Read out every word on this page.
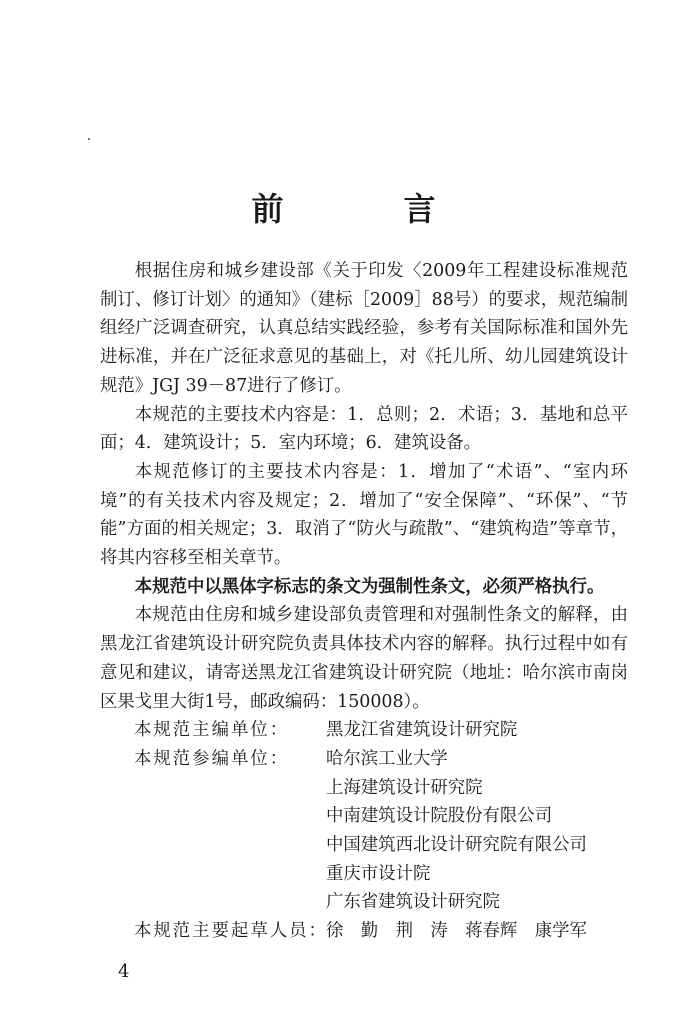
前　言

根据住房和城乡建设部《关于印发〈2009年工程建设标准规范制订、修订计划〉的通知》（建标［2009］88号）的要求，规范编制组经广泛调查研究，认真总结实践经验，参考有关国际标准和国外先进标准，并在广泛征求意见的基础上，对《托儿所、幼儿园建筑设计规范》JGJ 39－87进行了修订。

本规范的主要技术内容是：1．总则；2．术语；3．基地和总平面；4．建筑设计；5．室内环境；6．建筑设备。

本规范修订的主要技术内容是：1．增加了“术语”、“室内环境”的有关技术内容及规定；2．增加了“安全保障”、“环保”、“节能”方面的相关规定；3．取消了“防火与疏散”、“建筑构造”等章节，将其内容移至相关章节。

本规范中以黑体字标志的条文为强制性条文，必须严格执行。

本规范由住房和城乡建设部负责管理和对强制性条文的解释，由黑龙江省建筑设计研究院负责具体技术内容的解释。执行过程中如有意见和建议，请寄送黑龙江省建筑设计研究院（地址：哈尔滨市南岗区果戈里大街1号，邮政编码：150008）。

本规范主编单位： 黑龙江省建筑设计研究院
本规范参编单位： 哈尔滨工业大学
上海建筑设计研究院
中南建筑设计院股份有限公司
中国建筑西北设计研究院有限公司
重庆市设计院
广东省建筑设计研究院
本规范主要起草人员：
徐　勤　荆　涛　蒋春辉　康学军
4
